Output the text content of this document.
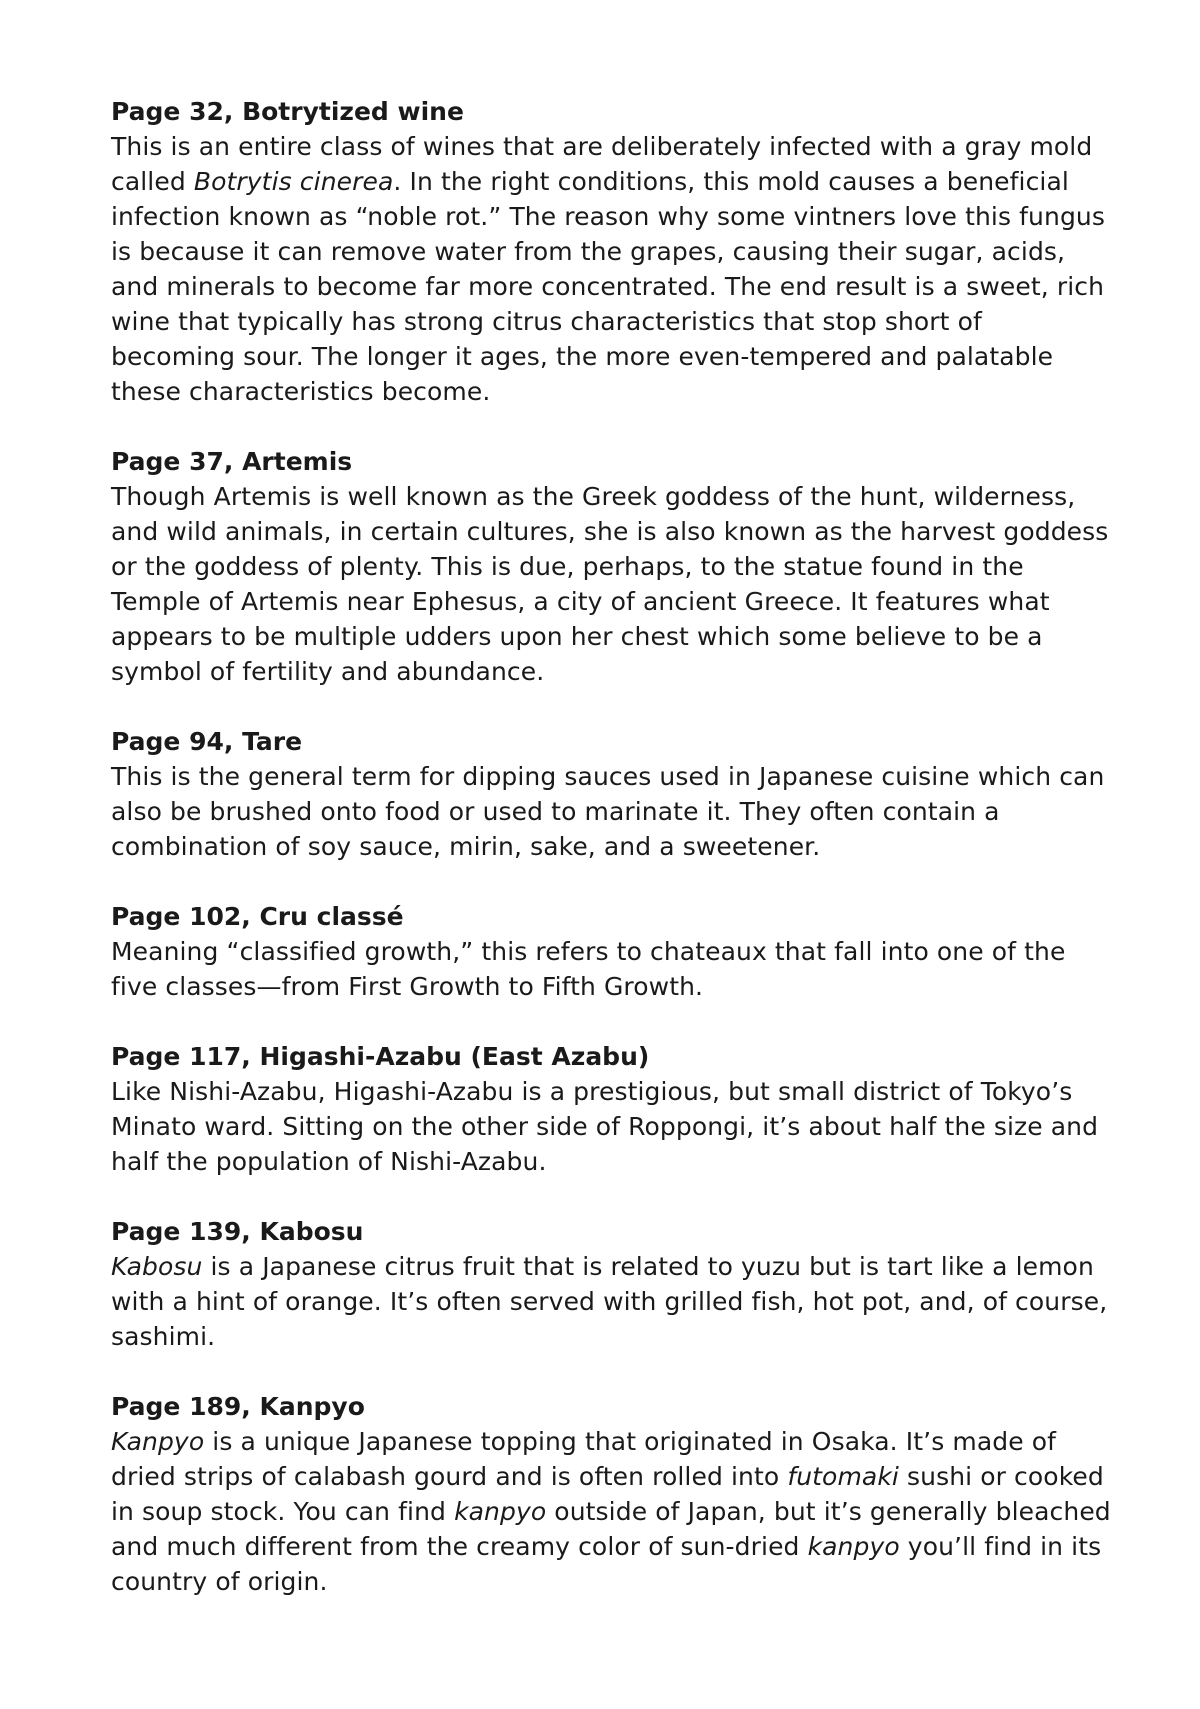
Page 32, Botrytized wine

This is an entire class of wines that are deliberately infected with a gray mold called Botrytis cinerea. In the right conditions, this mold causes a beneficial infection known as “noble rot.” The reason why some vintners love this fungus is because it can remove water from the grapes, causing their sugar, acids, and minerals to become far more concentrated. The end result is a sweet, rich wine that typically has strong citrus characteristics that stop short of becoming sour. The longer it ages, the more even-tempered and palatable these characteristics become.

Page 37, Artemis

Though Artemis is well known as the Greek goddess of the hunt, wilderness, and wild animals, in certain cultures, she is also known as the harvest goddess or the goddess of plenty. This is due, perhaps, to the statue found in the Temple of Artemis near Ephesus, a city of ancient Greece. It features what appears to be multiple udders upon her chest which some believe to be a symbol of fertility and abundance.

Page 94, Tare

This is the general term for dipping sauces used in Japanese cuisine which can also be brushed onto food or used to marinate it. They often contain a combination of soy sauce, mirin, sake, and a sweetener.

Page 102, Cru classé

Meaning “classified growth,” this refers to chateaux that fall into one of the five classes—from First Growth to Fifth Growth.

Page 117, Higashi-Azabu (East Azabu)

Like Nishi-Azabu, Higashi-Azabu is a prestigious, but small district of Tokyo’s Minato ward. Sitting on the other side of Roppongi, it’s about half the size and half the population of Nishi-Azabu.

Page 139, Kabosu

Kabosu is a Japanese citrus fruit that is related to yuzu but is tart like a lemon with a hint of orange. It’s often served with grilled fish, hot pot, and, of course, sashimi.

Page 189, Kanpyo

Kanpyo is a unique Japanese topping that originated in Osaka. It’s made of dried strips of calabash gourd and is often rolled into futomaki sushi or cooked in soup stock. You can find kanpyo outside of Japan, but it’s generally bleached and much different from the creamy color of sun-dried kanpyo you’ll find in its country of origin.
